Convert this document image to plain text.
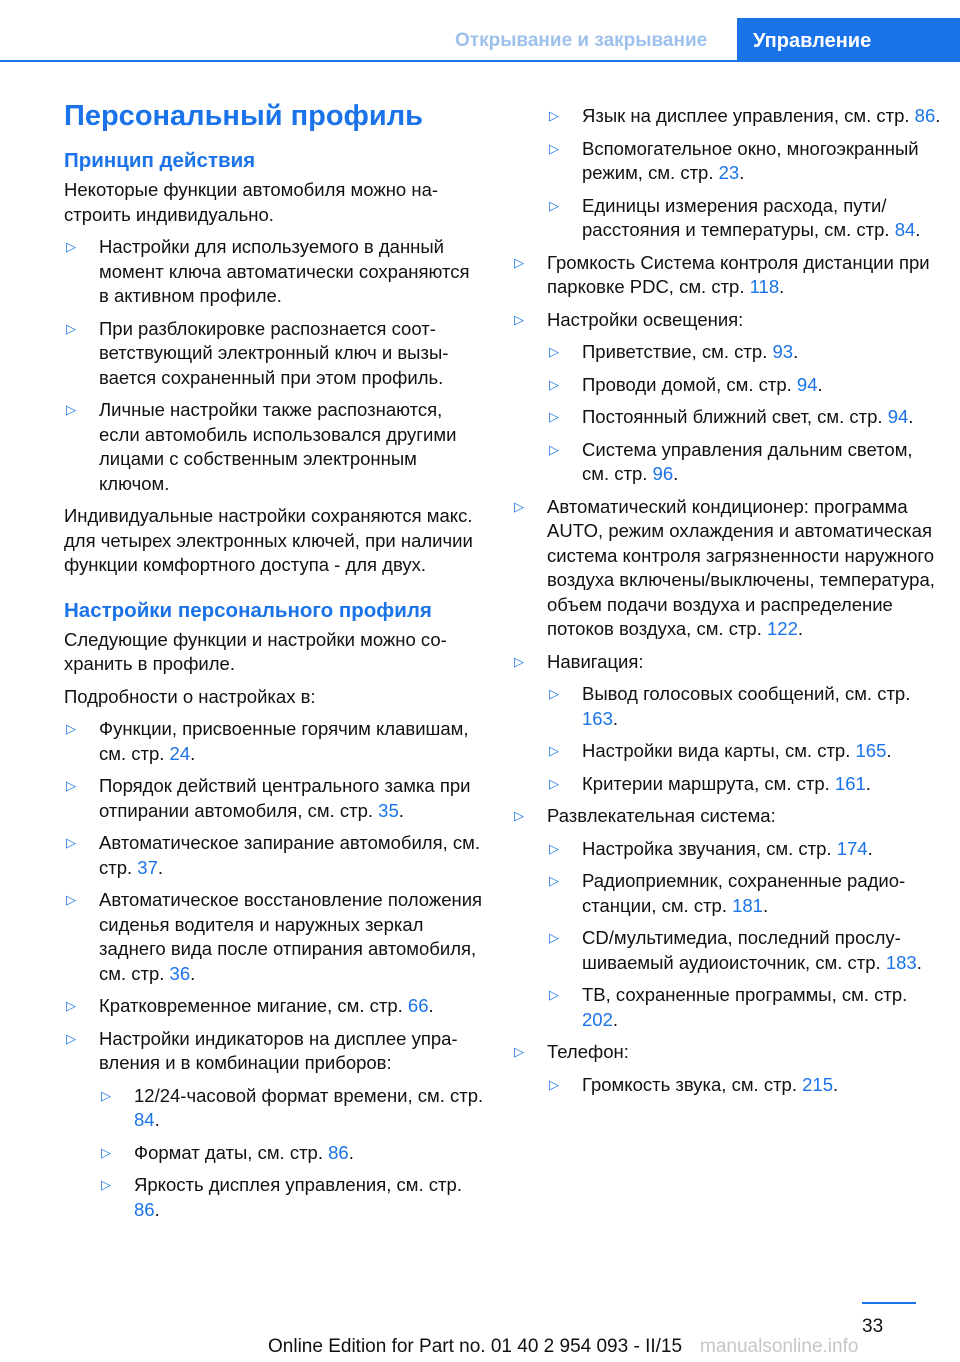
Открывание и закрывание	Управление
Персональный профиль
Принцип действия

Некоторые функции автомобиля можно настроить индивидуально.

▷	Настройки для используемого в данный момент ключа автоматически сохраняются в активном профиле.
▷	При разблокировке распознается соответствующий электронный ключ и вызывается сохраненный при этом профиль.
▷	Личные настройки также распознаются, если автомобиль использовался другими лицами с собственным электронным ключом.

Индивидуальные настройки сохраняются макс. для четырех электронных ключей, при наличии функции комфортного доступа - для двух.

Настройки персонального профиля

Следующие функции и настройки можно сохранить в профиле.

Подробности о настройках в:

▷	Функции, присвоенные горячим клавишам, см. стр. 24.
▷	Порядок действий центрального замка при отпирании автомобиля, см. стр. 35.
▷	Автоматическое запирание автомобиля, см. стр. 37.
▷	Автоматическое восстановление положения сиденья водителя и наружных зеркал заднего вида после отпирания автомобиля, см. стр. 36.
▷	Кратковременное мигание, см. стр. 66.
▷	Настройки индикаторов на дисплее управления и в комбинации приборов:
▷	12/24-часовой формат времени, см. стр. 84.
▷	Формат даты, см. стр. 86.
▷	Яркость дисплея управления, см. стр. 86.
▷	Язык на дисплее управления, см. стр. 86.
▷	Вспомогательное окно, многоэкранный режим, см. стр. 23.
▷	Единицы измерения расхода, пути/ расстояния и температуры, см. стр. 84.
▷	Громкость Система контроля дистанции при парковке PDC, см. стр. 118.
▷	Настройки освещения:
▷	Приветствие, см. стр. 93.
▷	Проводи домой, см. стр. 94.
▷	Постоянный ближний свет, см. стр. 94.
▷	Система управления дальним светом, см. стр. 96.
▷	Автоматический кондиционер: программа AUTO, режим охлаждения и автоматическая система контроля загрязненности наружного воздуха включены/выключены, температура, объем подачи воздуха и распределение потоков воздуха, см. стр. 122.
▷	Навигация:
▷	Вывод голосовых сообщений, см. стр. 163.
▷	Настройки вида карты, см. стр. 165.
▷	Критерии маршрута, см. стр. 161.
▷	Развлекательная система:
▷	Настройка звучания, см. стр. 174.
▷	Радиоприемник, сохраненные радиостанции, см. стр. 181.
▷	CD/мультимедиа, последний прослушиваемый аудиоисточник, см. стр. 183.
▷	ТВ, сохраненные программы, см. стр. 202.
▷	Телефон:
▷	Громкость звука, см. стр. 215.
33
Online Edition for Part no. 01 40 2 954 093 - II/15 manualsonline.info
